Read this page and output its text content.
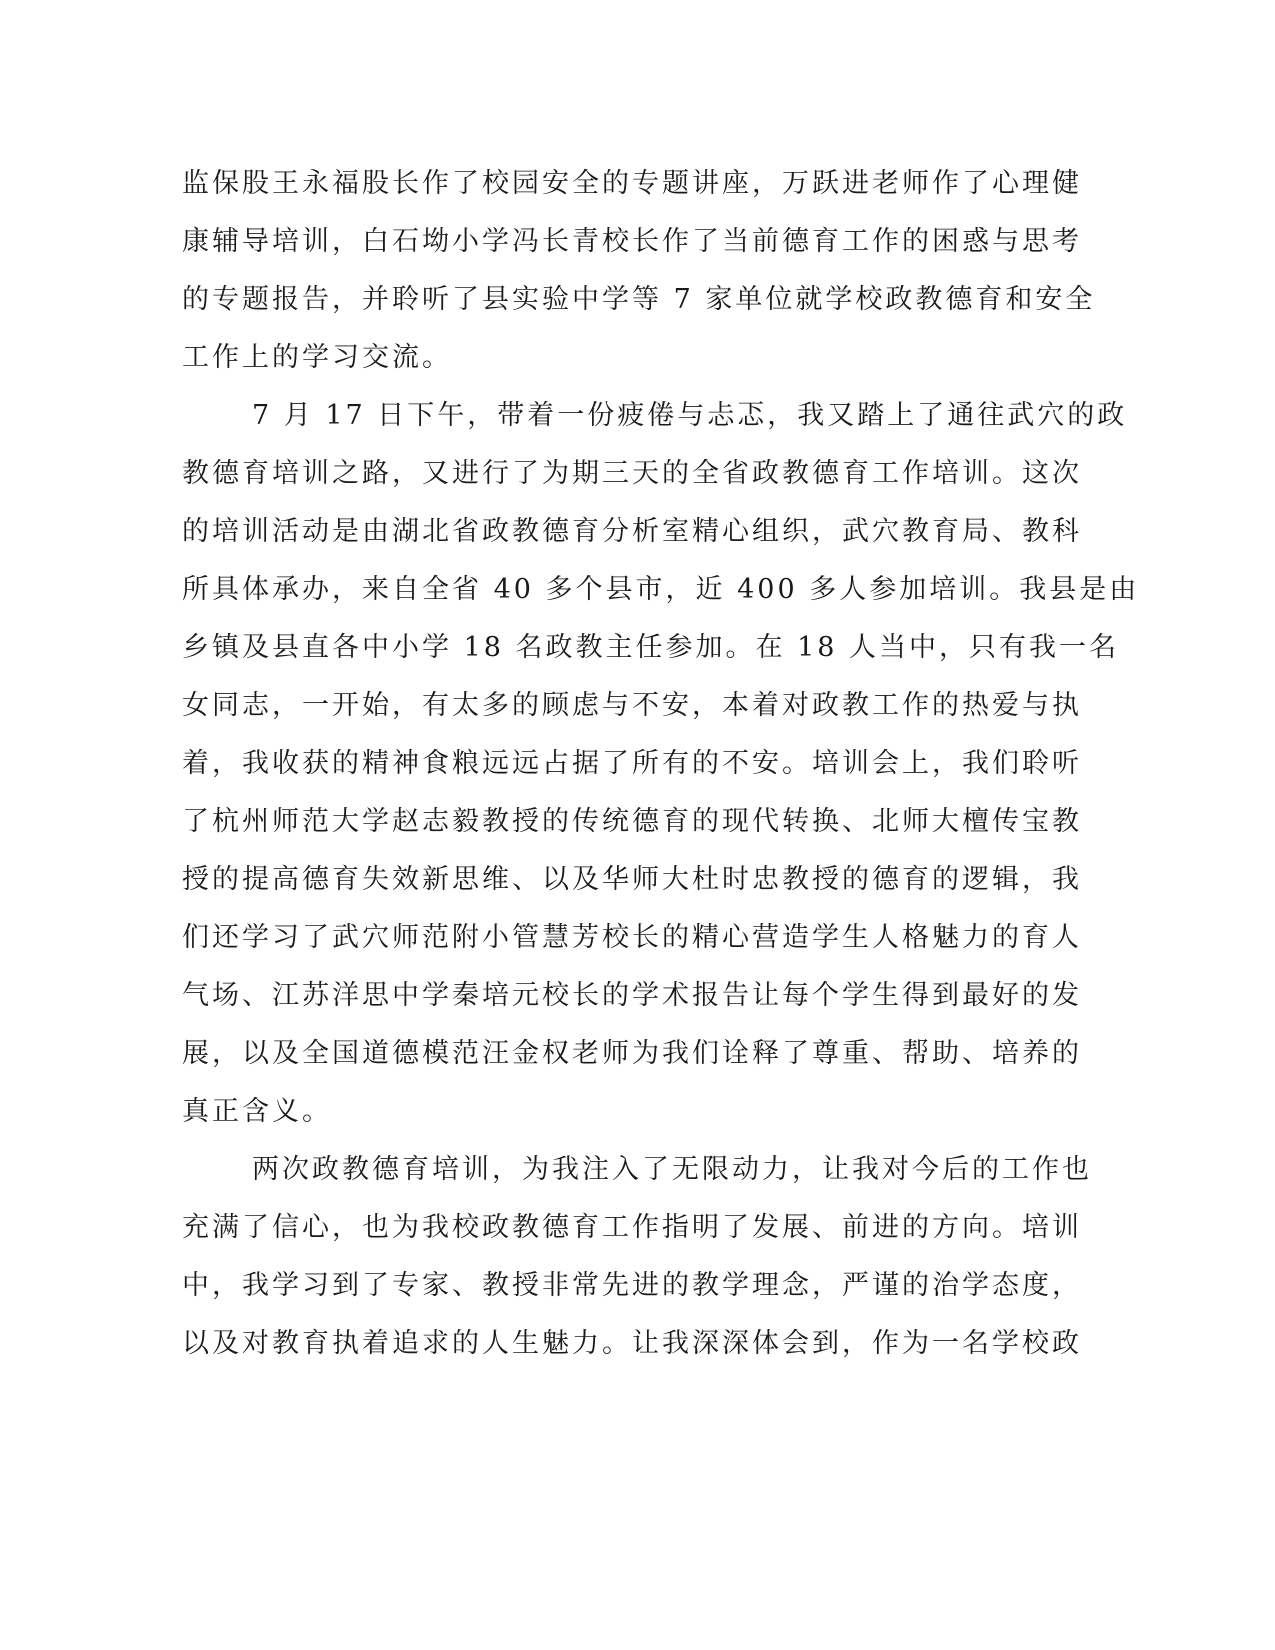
监保股王永福股长作了校园安全的专题讲座，万跃进老师作了心理健
康辅导培训，白石坳小学冯长青校长作了当前德育工作的困惑与思考
的专题报告，并聆听了县实验中学等 7 家单位就学校政教德育和安全
工作上的学习交流。
7 月 17 日下午，带着一份疲倦与忐忑，我又踏上了通往武穴的政
教德育培训之路，又进行了为期三天的全省政教德育工作培训。这次
的培训活动是由湖北省政教德育分析室精心组织，武穴教育局、教科
所具体承办，来自全省 40 多个县市，近 400 多人参加培训。我县是由
乡镇及县直各中小学 18 名政教主任参加。在 18 人当中，只有我一名
女同志，一开始，有太多的顾虑与不安，本着对政教工作的热爱与执
着，我收获的精神食粮远远占据了所有的不安。培训会上，我们聆听
了杭州师范大学赵志毅教授的传统德育的现代转换、北师大檀传宝教
授的提高德育失效新思维、以及华师大杜时忠教授的德育的逻辑，我
们还学习了武穴师范附小管慧芳校长的精心营造学生人格魅力的育人
气场、江苏洋思中学秦培元校长的学术报告让每个学生得到最好的发
展，以及全国道德模范汪金权老师为我们诠释了尊重、帮助、培养的
真正含义。
两次政教德育培训，为我注入了无限动力，让我对今后的工作也
充满了信心，也为我校政教德育工作指明了发展、前进的方向。培训
中，我学习到了专家、教授非常先进的教学理念，严谨的治学态度，
以及对教育执着追求的人生魅力。让我深深体会到，作为一名学校政
